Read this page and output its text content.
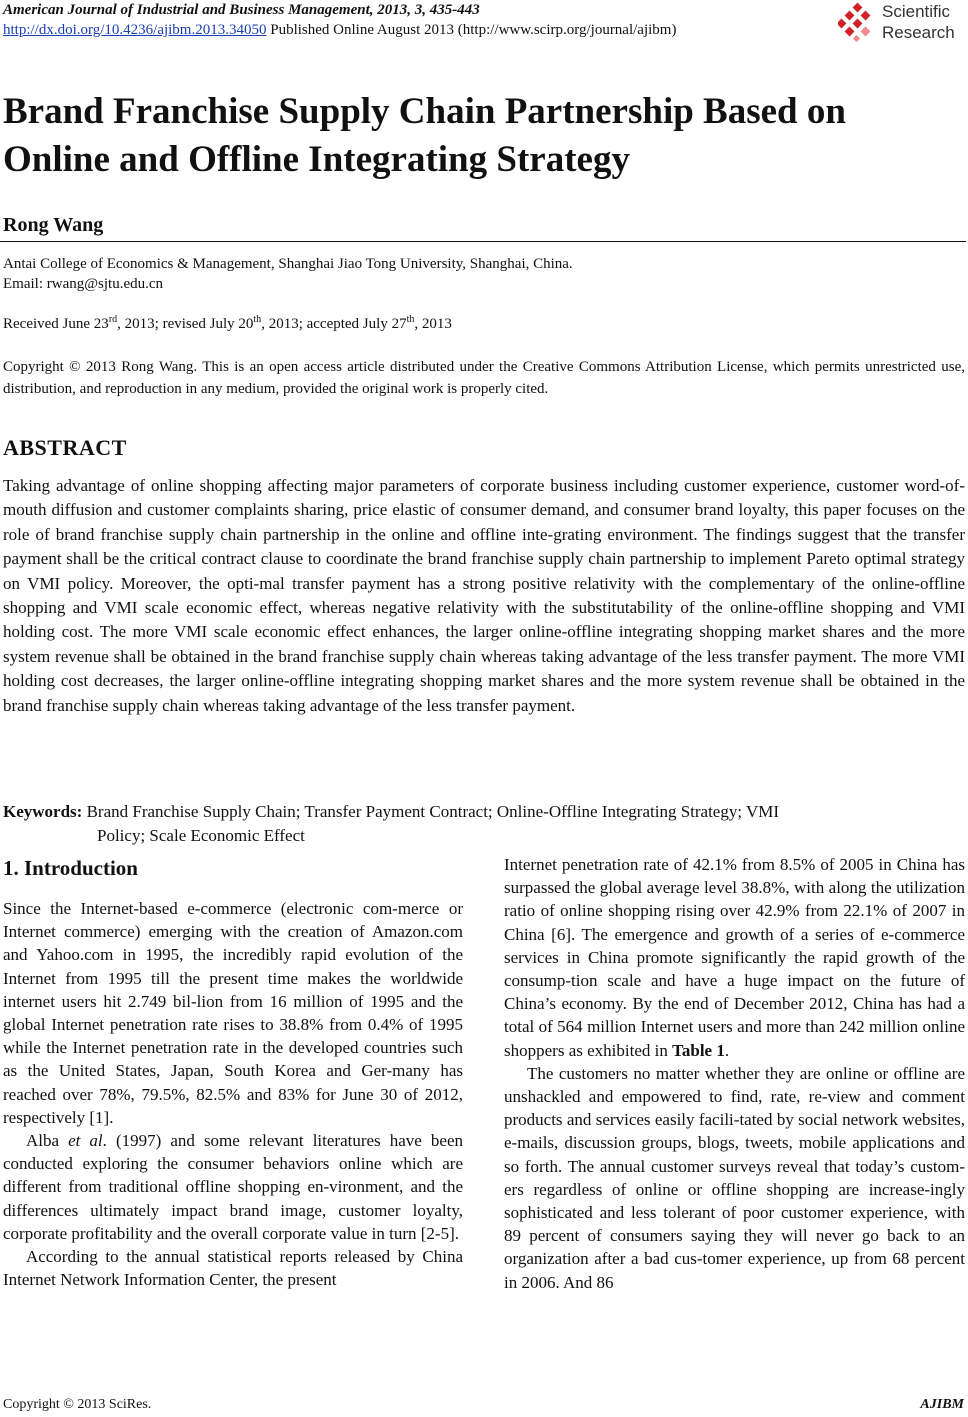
American Journal of Industrial and Business Management, 2013, 3, 435-443
http://dx.doi.org/10.4236/ajibm.2013.34050 Published Online August 2013 (http://www.scirp.org/journal/ajibm)
Scientific
Research
Brand Franchise Supply Chain Partnership Based on
Online and Offline Integrating Strategy
Rong Wang
Antai College of Economics & Management, Shanghai Jiao Tong University, Shanghai, China.
Email: rwang@sjtu.edu.cn
Received June 23rd, 2013; revised July 20th, 2013; accepted July 27th, 2013
Copyright © 2013 Rong Wang. This is an open access article distributed under the Creative Commons Attribution License, which permits unrestricted use, distribution, and reproduction in any medium, provided the original work is properly cited.
ABSTRACT
Taking advantage of online shopping affecting major parameters of corporate business including customer experience, customer word-of-mouth diffusion and customer complaints sharing, price elastic of consumer demand, and consumer brand loyalty, this paper focuses on the role of brand franchise supply chain partnership in the online and offline inte-grating environment. The findings suggest that the transfer payment shall be the critical contract clause to coordinate the brand franchise supply chain partnership to implement Pareto optimal strategy on VMI policy. Moreover, the opti-mal transfer payment has a strong positive relativity with the complementary of the online-offline shopping and VMI scale economic effect, whereas negative relativity with the substitutability of the online-offline shopping and VMI holding cost. The more VMI scale economic effect enhances, the larger online-offline integrating shopping market shares and the more system revenue shall be obtained in the brand franchise supply chain whereas taking advantage of the less transfer payment. The more VMI holding cost decreases, the larger online-offline integrating shopping market shares and the more system revenue shall be obtained in the brand franchise supply chain whereas taking advantage of the less transfer payment.
Keywords: Brand Franchise Supply Chain; Transfer Payment Contract; Online-Offline Integrating Strategy; VMI
Policy; Scale Economic Effect
1. Introduction

Since the Internet-based e-commerce (electronic com-merce or Internet commerce) emerging with the creation of Amazon.com and Yahoo.com in 1995, the incredibly rapid evolution of the Internet from 1995 till the present time makes the worldwide internet users hit 2.749 bil-lion from 16 million of 1995 and the global Internet penetration rate rises to 38.8% from 0.4% of 1995 while the Internet penetration rate in the developed countries such as the United States, Japan, South Korea and Ger-many has reached over 78%, 79.5%, 82.5% and 83% for June 30 of 2012, respectively [1].

Alba et al. (1997) and some relevant literatures have been conducted exploring the consumer behaviors online which are different from traditional offline shopping en-vironment, and the differences ultimately impact brand image, customer loyalty, corporate profitability and the overall corporate value in turn [2-5].

According to the annual statistical reports released by China Internet Network Information Center, the present

Internet penetration rate of 42.1% from 8.5% of 2005 in China has surpassed the global average level 38.8%, with along the utilization ratio of online shopping rising over 42.9% from 22.1% of 2007 in China [6]. The emergence and growth of a series of e-commerce services in China promote significantly the rapid growth of the consump-tion scale and have a huge impact on the future of China’s economy. By the end of December 2012, China has had a total of 564 million Internet users and more than 242 million online shoppers as exhibited in Table 1.

The customers no matter whether they are online or offline are unshackled and empowered to find, rate, re-view and comment products and services easily facili-tated by social network websites, e-mails, discussion groups, blogs, tweets, mobile applications and so forth. The annual customer surveys reveal that today’s custom-ers regardless of online or offline shopping are increase-ingly sophisticated and less tolerant of poor customer experience, with 89 percent of consumers saying they will never go back to an organization after a bad cus-tomer experience, up from 68 percent in 2006. And 86

Copyright © 2013 SciRes.	AJIBM
